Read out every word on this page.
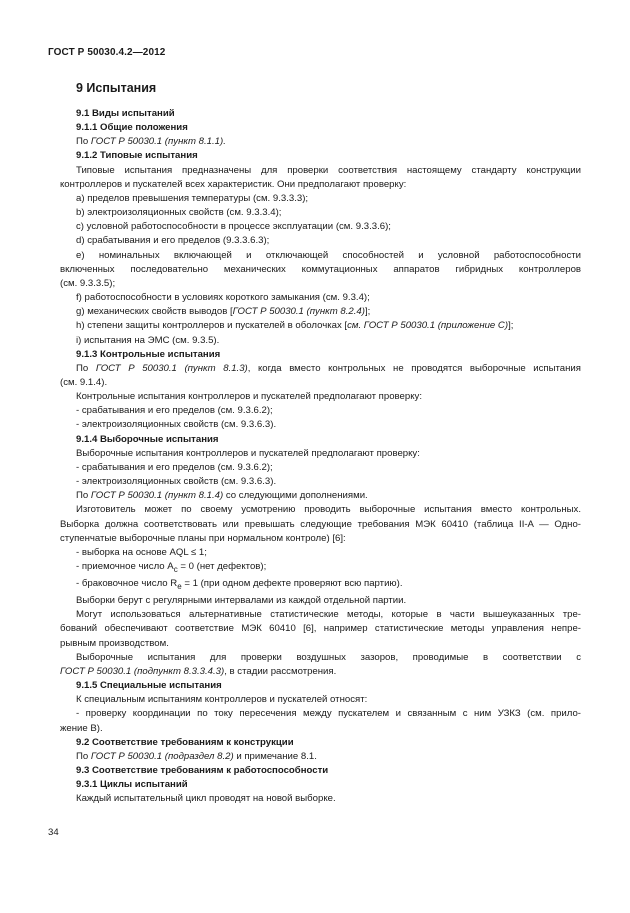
ГОСТ Р 50030.4.2—2012
9 Испытания

9.1 Виды испытаний

9.1.1 Общие положения

По ГОСТ Р 50030.1 (пункт 8.1.1).

9.1.2 Типовые испытания

Типовые испытания предназначены для проверки соответствия настоящему стандарту конструкции

контроллеров и пускателей всех характеристик. Они предполагают проверку:

a) пределов превышения температуры (см. 9.3.3.3);

b) электроизоляционных свойств (см. 9.3.3.4);

c) условной работоспособности в процессе эксплуатации (см. 9.3.3.6);

d) срабатывания и его пределов (9.3.3.6.3);

e) номинальных включающей и отключающей способностей и условной работоспособности

включенных последовательно механических коммутационных аппаратов гибридных контроллеров

(см. 9.3.3.5);

f) работоспособности в условиях короткого замыкания (см. 9.3.4);

g) механических свойств выводов [ГОСТ Р 50030.1 (пункт 8.2.4)];

h) степени защиты контроллеров и пускателей в оболочках [см. ГОСТ Р 50030.1 (приложение С)];

i) испытания на ЭМС (см. 9.3.5).

9.1.3 Контрольные испытания

По ГОСТ Р 50030.1 (пункт 8.1.3), когда вместо контрольных не проводятся выборочные испытания

(см. 9.1.4).

Контрольные испытания контроллеров и пускателей предполагают проверку:

- срабатывания и его пределов (см. 9.3.6.2);

- электроизоляционных свойств (см. 9.3.6.3).

9.1.4 Выборочные испытания

Выборочные испытания контроллеров и пускателей предполагают проверку:

- срабатывания и его пределов (см. 9.3.6.2);

- электроизоляционных свойств (см. 9.3.6.3).

По ГОСТ Р 50030.1 (пункт 8.1.4) со следующими дополнениями.

Изготовитель может по своему усмотрению проводить выборочные испытания вместо контрольных.

Выборка должна соответствовать или превышать следующие требования МЭК 60410 (таблица II-A — Одно-

ступенчатые выборочные планы при нормальном контроле) [6]:

- выборка на основе AQL ≤ 1;

- приемочное число $A_c = 0$ (нет дефектов);

- браковочное число $R_e = 1$ (при одном дефекте проверяют всю партию).

Выборки берут с регулярными интервалами из каждой отдельной партии.

Могут использоваться альтернативные статистические методы, которые в части вышеуказанных тре-

бований обеспечивают соответствие МЭК 60410 [6], например статистические методы управления непре-

рывным производством.

Выборочные испытания для проверки воздушных зазоров, проводимые в соответствии с

ГОСТ Р 50030.1 (подпункт 8.3.3.4.3), в стадии рассмотрения.

9.1.5 Специальные испытания

К специальным испытаниям контроллеров и пускателей относят:

- проверку координации по току пересечения между пускателем и связанным с ним УЗКЗ (см. прило-

жение В).

9.2 Соответствие требованиям к конструкции

По ГОСТ Р 50030.1 (подраздел 8.2) и примечание 8.1.

9.3 Соответствие требованиям к работоспособности

9.3.1 Циклы испытаний

Каждый испытательный цикл проводят на новой выборке.

34
